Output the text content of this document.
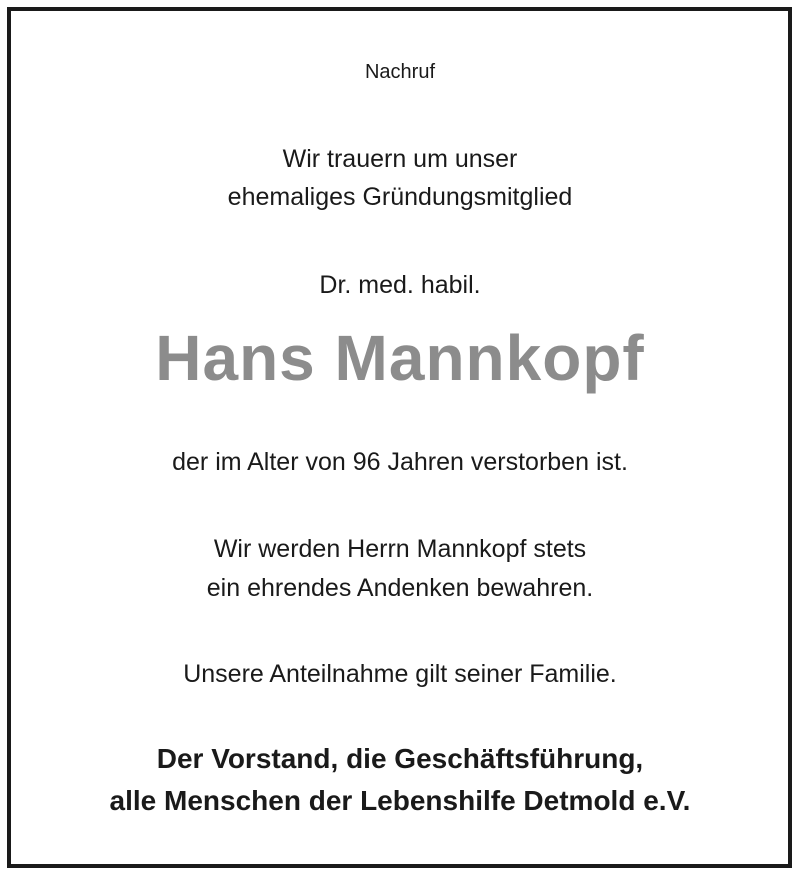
Nachruf
Wir trauern um unser
ehemaliges Gründungsmitglied
Dr. med. habil.
Hans Mannkopf
der im Alter von 96 Jahren verstorben ist.
Wir werden Herrn Mannkopf stets
ein ehrendes Andenken bewahren.
Unsere Anteilnahme gilt seiner Familie.
Der Vorstand, die Geschäftsführung,
alle Menschen der Lebenshilfe Detmold e.V.
